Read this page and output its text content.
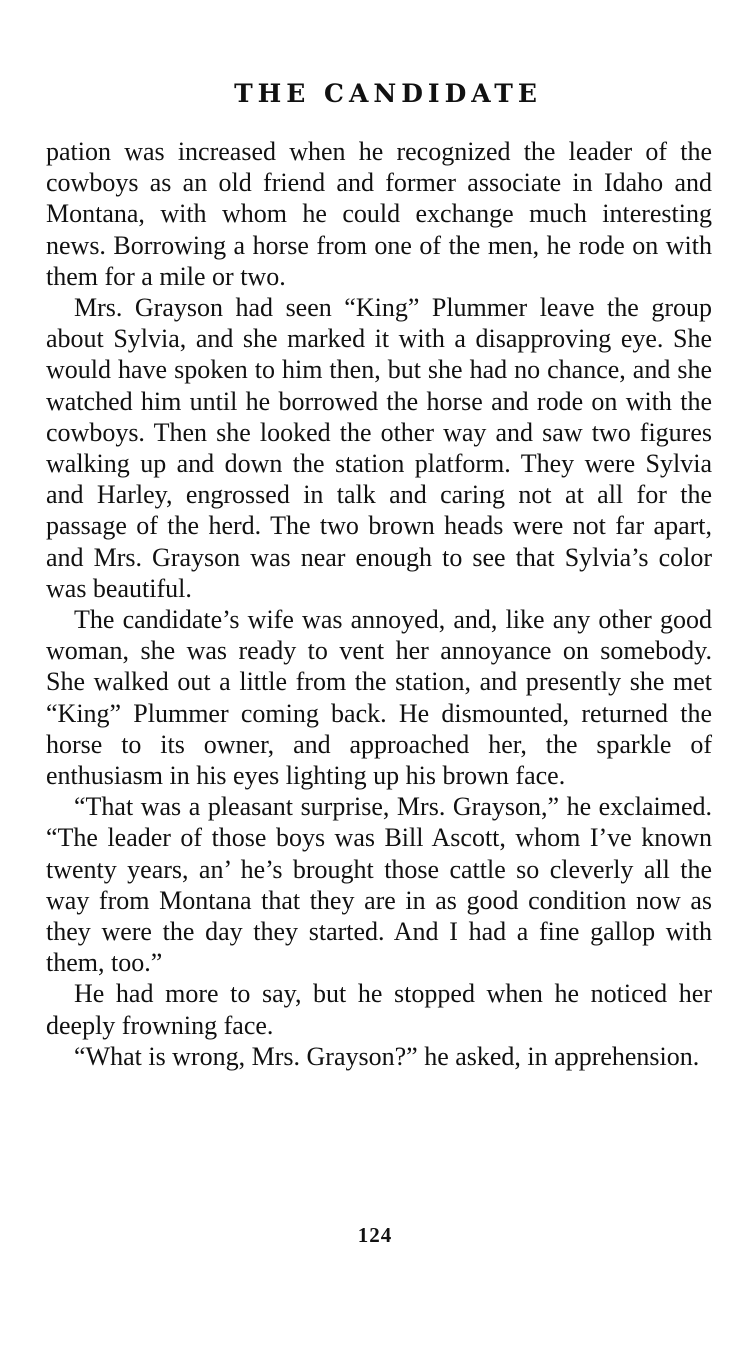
THE CANDIDATE

pation was increased when he recognized the leader of the cowboys as an old friend and former associate in Idaho and Montana, with whom he could exchange much interesting news. Borrowing a horse from one of the men, he rode on with them for a mile or two.

Mrs. Grayson had seen “King” Plummer leave the group about Sylvia, and she marked it with a disapproving eye. She would have spoken to him then, but she had no chance, and she watched him until he borrowed the horse and rode on with the cowboys. Then she looked the other way and saw two figures walking up and down the station platform. They were Sylvia and Harley, engrossed in talk and caring not at all for the passage of the herd. The two brown heads were not far apart, and Mrs. Grayson was near enough to see that Sylvia’s color was beautiful.

The candidate’s wife was annoyed, and, like any other good woman, she was ready to vent her annoyance on somebody. She walked out a little from the station, and presently she met “King” Plummer coming back. He dismounted, returned the horse to its owner, and approached her, the sparkle of enthusiasm in his eyes lighting up his brown face.

“That was a pleasant surprise, Mrs. Grayson,” he exclaimed. “The leader of those boys was Bill Ascott, whom I’ve known twenty years, an’ he’s brought those cattle so cleverly all the way from Montana that they are in as good condition now as they were the day they started. And I had a fine gallop with them, too.”

He had more to say, but he stopped when he noticed her deeply frowning face.

“What is wrong, Mrs. Grayson?” he asked, in apprehension.

124
